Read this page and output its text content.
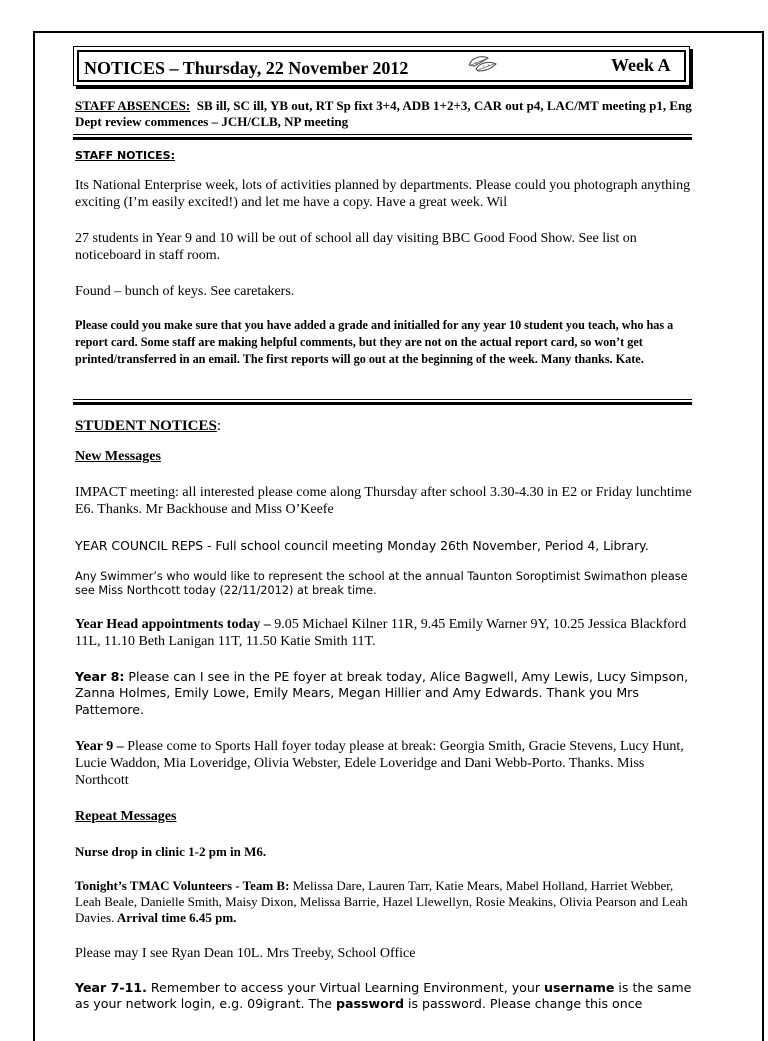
NOTICES – Thursday, 22 November 2012	Week A

STAFF ABSENCES: SB ill, SC ill, YB out, RT Sp fixt 3+4, ADB 1+2+3, CAR out p4, LAC/MT meeting p1, Eng Dept review commences – JCH/CLB, NP meeting

STAFF NOTICES:

Its National Enterprise week, lots of activities planned by departments. Please could you photograph anything exciting (I’m easily excited!) and let me have a copy. Have a great week. Wil

27 students in Year 9 and 10 will be out of school all day visiting BBC Good Food Show. See list on noticeboard in staff room.

Found – bunch of keys. See caretakers.

Please could you make sure that you have added a grade and initialled for any year 10 student you teach, who has a report card. Some staff are making helpful comments, but they are not on the actual report card, so won’t get printed/transferred in an email. The first reports will go out at the beginning of the week. Many thanks. Kate.

STUDENT NOTICES:

New Messages

IMPACT meeting: all interested please come along Thursday after school 3.30-4.30 in E2 or Friday lunchtime E6. Thanks. Mr Backhouse and Miss O’Keefe

YEAR COUNCIL REPS - Full school council meeting Monday 26th November, Period 4, Library.

Any Swimmer’s who would like to represent the school at the annual Taunton Soroptimist Swimathon please see Miss Northcott today (22/11/2012) at break time.

Year Head appointments today – 9.05 Michael Kilner 11R, 9.45 Emily Warner 9Y, 10.25 Jessica Blackford 11L, 11.10 Beth Lanigan 11T, 11.50 Katie Smith 11T.

Year 8: Please can I see in the PE foyer at break today, Alice Bagwell, Amy Lewis, Lucy Simpson, Zanna Holmes, Emily Lowe, Emily Mears, Megan Hillier and Amy Edwards. Thank you Mrs Pattemore.

Year 9 – Please come to Sports Hall foyer today please at break: Georgia Smith, Gracie Stevens, Lucy Hunt, Lucie Waddon, Mia Loveridge, Olivia Webster, Edele Loveridge and Dani Webb-Porto. Thanks. Miss Northcott

Repeat Messages

Nurse drop in clinic 1-2 pm in M6.

Tonight’s TMAC Volunteers - Team B: Melissa Dare, Lauren Tarr, Katie Mears, Mabel Holland, Harriet Webber, Leah Beale, Danielle Smith, Maisy Dixon, Melissa Barrie, Hazel Llewellyn, Rosie Meakins, Olivia Pearson and Leah Davies. Arrival time 6.45 pm.

Please may I see Ryan Dean 10L. Mrs Treeby, School Office

Year 7-11. Remember to access your Virtual Learning Environment, your username is the same as your network login, e.g. 09igrant. The password is password. Please change this once
